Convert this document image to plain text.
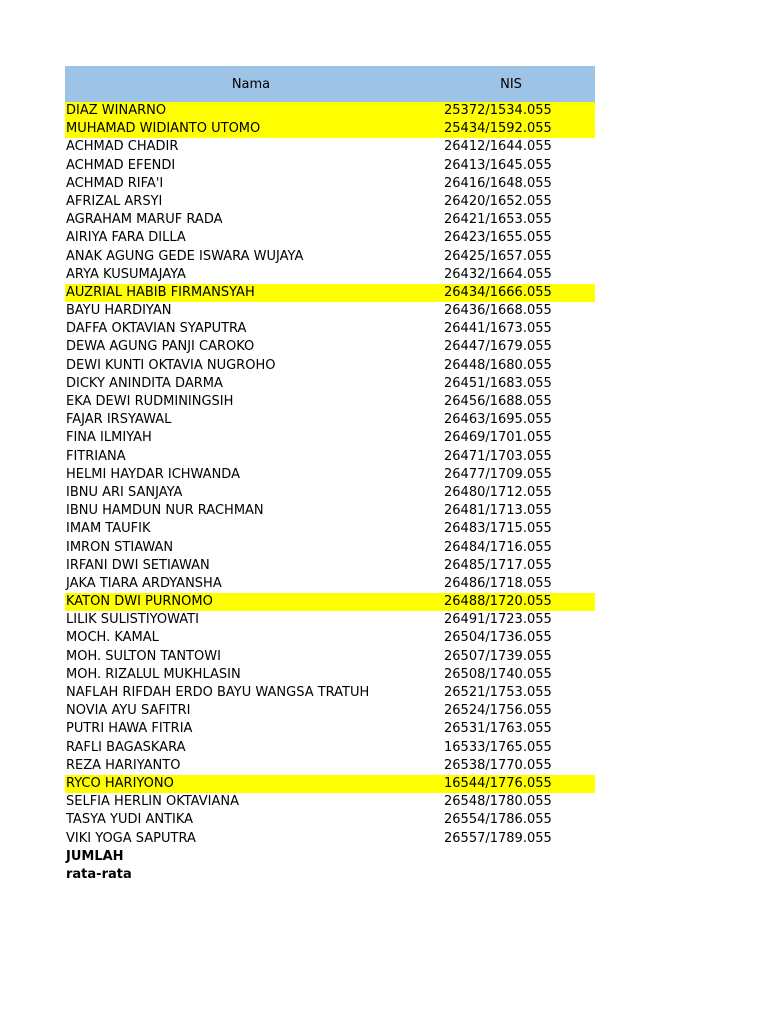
Nama	NIS
DIAZ WINARNO	25372/1534.055
MUHAMAD WIDIANTO UTOMO	25434/1592.055
ACHMAD CHADIR	26412/1644.055
ACHMAD EFENDI	26413/1645.055
ACHMAD RIFA'I	26416/1648.055
AFRIZAL ARSYI	26420/1652.055
AGRAHAM MARUF RADA	26421/1653.055
AIRIYA FARA DILLA	26423/1655.055
ANAK AGUNG GEDE ISWARA WUJAYA	26425/1657.055
ARYA KUSUMAJAYA	26432/1664.055
AUZRIAL HABIB FIRMANSYAH	26434/1666.055
BAYU HARDIYAN	26436/1668.055
DAFFA OKTAVIAN SYAPUTRA	26441/1673.055
DEWA AGUNG PANJI CAROKO	26447/1679.055
DEWI KUNTI OKTAVIA NUGROHO	26448/1680.055
DICKY ANINDITA DARMA	26451/1683.055
EKA DEWI RUDMININGSIH	26456/1688.055
FAJAR IRSYAWAL	26463/1695.055
FINA ILMIYAH	26469/1701.055
FITRIANA	26471/1703.055
HELMI HAYDAR ICHWANDA	26477/1709.055
IBNU ARI SANJAYA	26480/1712.055
IBNU HAMDUN NUR RACHMAN	26481/1713.055
IMAM TAUFIK	26483/1715.055
IMRON STIAWAN	26484/1716.055
IRFANI DWI SETIAWAN	26485/1717.055
JAKA TIARA ARDYANSHA	26486/1718.055
KATON DWI PURNOMO	26488/1720.055
LILIK SULISTIYOWATI	26491/1723.055
MOCH. KAMAL	26504/1736.055
MOH. SULTON TANTOWI	26507/1739.055
MOH. RIZALUL MUKHLASIN	26508/1740.055
NAFLAH RIFDAH ERDO BAYU WANGSA TRATUH	26521/1753.055
NOVIA AYU SAFITRI	26524/1756.055
PUTRI HAWA FITRIA	26531/1763.055
RAFLI BAGASKARA	16533/1765.055
REZA HARIYANTO	26538/1770.055
RYCO HARIYONO	16544/1776.055
SELFIA HERLIN OKTAVIANA	26548/1780.055
TASYA YUDI ANTIKA	26554/1786.055
VIKI YOGA SAPUTRA	26557/1789.055
JUMLAH
rata-rata
